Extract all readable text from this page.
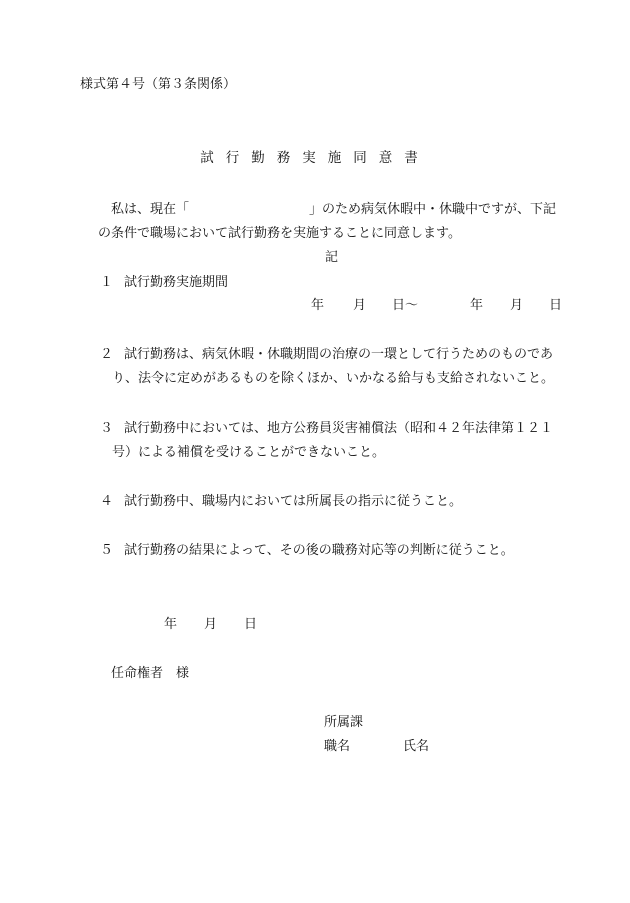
様式第４号（第３条関係）
試行勤務実施同意書
私は、現在「	」のため病気休暇中・休職中ですが、下記
の条件で職場において試行勤務を実施することに同意します。
記
１ 試行勤務実施期間
年 月 日～	年 月 日
２ 試行勤務は、病気休暇・休職期間の治療の一環として行うためのものであ
り、法令に定めがあるものを除くほか、いかなる給与も支給されないこと。
３ 試行勤務中においては、地方公務員災害補償法（昭和４２年法律第１２１
号）による補償を受けることができないこと。
４ 試行勤務中、職場内においては所属長の指示に従うこと。
５ 試行勤務の結果によって、その後の職務対応等の判断に従うこと。
年 月 日
任命権者　様
所属課
職名	氏名
